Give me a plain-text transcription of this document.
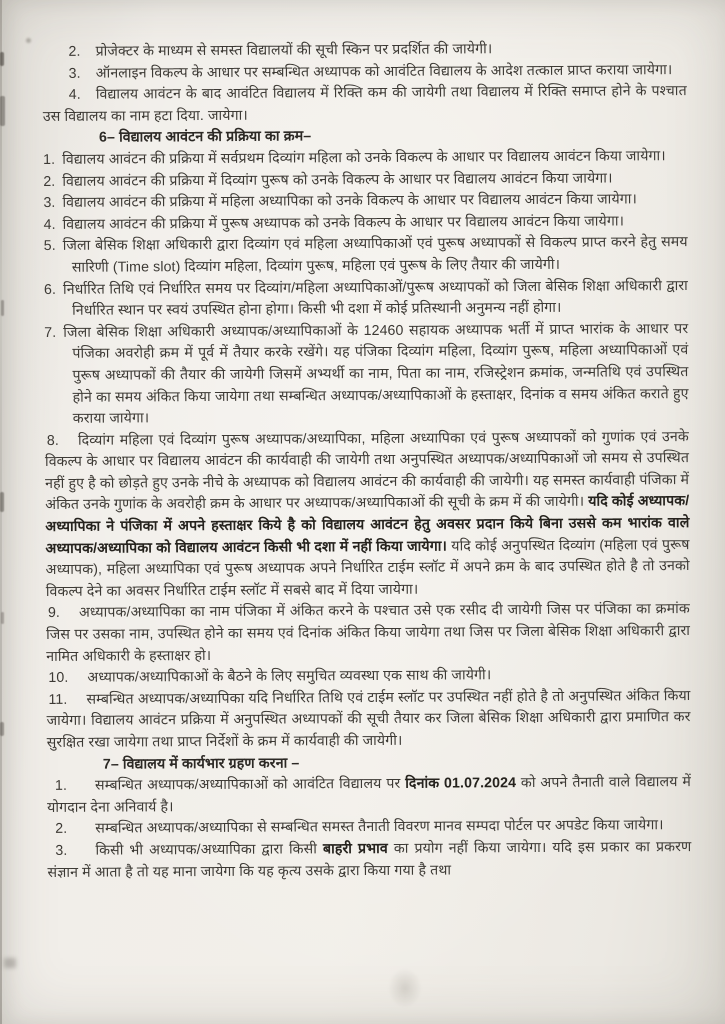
2. प्रोजेक्टर के माध्यम से समस्त विद्यालयों की सूची स्किन पर प्रदर्शित की जायेगी।
3. ऑनलाइन विकल्प के आधार पर सम्बन्धित अध्यापक को आवंटित विद्यालय के आदेश तत्काल प्राप्त कराया जायेगा।
4. विद्यालय आवंटन के बाद आवंटित विद्यालय में रिक्ति कम की जायेगी तथा विद्यालय में रिक्ति समाप्त होने के पश्चात उस विद्यालय का नाम हटा दिया. जायेगा।
6– विद्यालय आवंटन की प्रक्रिया का क्रम–
1. विद्यालय आवंटन की प्रक्रिया में सर्वप्रथम दिव्यांग महिला को उनके विकल्प के आधार पर विद्यालय आवंटन किया जायेगा।
2. विद्यालय आवंटन की प्रक्रिया में दिव्यांग पुरूष को उनके विकल्प के आधार पर विद्यालय आवंटन किया जायेगा।
3. विद्यालय आवंटन की प्रक्रिया में महिला अध्यापिका को उनके विकल्प के आधार पर विद्यालय आवंटन किया जायेगा।
4. विद्यालय आवंटन की प्रक्रिया में पुरूष अध्यापक को उनके विकल्प के आधार पर विद्यालय आवंटन किया जायेगा।
5. जिला बेसिक शिक्षा अधिकारी द्वारा दिव्यांग एवं महिला अध्यापिकाओं एवं पुरूष अध्यापकों से विकल्प प्राप्त करने हेतु समय सारिणी (Time slot) दिव्यांग महिला, दिव्यांग पुरूष, महिला एवं पुरूष के लिए तैयार की जायेगी।
6. निर्धारित तिथि एवं निर्धारित समय पर दिव्यांग/महिला अध्यापिकाओं/पुरूष अध्यापकों को जिला बेसिक शिक्षा अधिकारी द्वारा निर्धारित स्थान पर स्वयं उपस्थित होना होगा। किसी भी दशा में कोई प्रतिस्थानी अनुमन्य नहीं होगा।
7. जिला बेसिक शिक्षा अधिकारी अध्यापक/अध्यापिकाओं के 12460 सहायक अध्यापक भर्ती में प्राप्त भारांक के आधार पर पंजिका अवरोही क्रम में पूर्व में तैयार करके रखेंगे। यह पंजिका दिव्यांग महिला, दिव्यांग पुरूष, महिला अध्यापिकाओं एवं पुरूष अध्यापकों की तैयार की जायेगी जिसमें अभ्यर्थी का नाम, पिता का नाम, रजिस्ट्रेशन क्रमांक, जन्मतिथि एवं उपस्थित होने का समय अंकित किया जायेगा तथा सम्बन्धित अध्यापक/अध्यापिकाओं के हस्ताक्षर, दिनांक व समय अंकित कराते हुए कराया जायेगा।
8. दिव्यांग महिला एवं दिव्यांग पुरूष अध्यापक/अध्यापिका, महिला अध्यापिका एवं पुरूष अध्यापकों को गुणांक एवं उनके विकल्प के आधार पर विद्यालय आवंटन की कार्यवाही की जायेगी तथा अनुपस्थित अध्यापक/अध्यापिकाओं जो समय से उपस्थित नहीं हुए है को छोड़ते हुए उनके नीचे के अध्यापक को विद्यालय आवंटन की कार्यवाही की जायेगी। यह समस्त कार्यवाही पंजिका में अंकित उनके गुणांक के अवरोही क्रम के आधार पर अध्यापक/अध्यापिकाओं की सूची के क्रम में की जायेगी। यदि कोई अध्यापक/अध्यापिका ने पंजिका में अपने हस्ताक्षर किये है को विद्यालय आवंटन हेतु अवसर प्रदान किये बिना उससे कम भारांक वाले अध्यापक/अध्यापिका को विद्यालय आवंटन किसी भी दशा में नहीं किया जायेगा। यदि कोई अनुपस्थित दिव्यांग (महिला एवं पुरूष अध्यापक), महिला अध्यापिका एवं पुरूष अध्यापक अपने निर्धारित टाईम स्लॉट में अपने क्रम के बाद उपस्थित होते है तो उनको विकल्प देने का अवसर निर्धारित टाईम स्लॉट में सबसे बाद में दिया जायेगा।
9. अध्यापक/अध्यापिका का नाम पंजिका में अंकित करने के पश्चात उसे एक रसीद दी जायेगी जिस पर पंजिका का क्रमांक जिस पर उसका नाम, उपस्थित होने का समय एवं दिनांक अंकित किया जायेगा तथा जिस पर जिला बेसिक शिक्षा अधिकारी द्वारा नामित अधिकारी के हस्ताक्षर हो।
10. अध्यापक/अध्यापिकाओं के बैठने के लिए समुचित व्यवस्था एक साथ की जायेगी।
11. सम्बन्धित अध्यापक/अध्यापिका यदि निर्धारित तिथि एवं टाईम स्लॉट पर उपस्थित नहीं होते है तो अनुपस्थित अंकित किया जायेगा। विद्यालय आवंटन प्रक्रिया में अनुपस्थित अध्यापकों की सूची तैयार कर जिला बेसिक शिक्षा अधिकारी द्वारा प्रमाणित कर सुरक्षित रखा जायेगा तथा प्राप्त निर्देशों के क्रम में कार्यवाही की जायेगी।
7– विद्यालय में कार्यभार ग्रहण करना –
1. सम्बन्धित अध्यापक/अध्यापिकाओं को आवंटित विद्यालय पर दिनांक 01.07.2024 को अपने तैनाती वाले विद्यालय में योगदान देना अनिवार्य है।
2. सम्बन्धित अध्यापक/अध्यापिका से सम्बन्धित समस्त तैनाती विवरण मानव सम्पदा पोर्टल पर अपडेट किया जायेगा।
3. किसी भी अध्यापक/अध्यापिका द्वारा किसी बाहरी प्रभाव का प्रयोग नहीं किया जायेगा। यदि इस प्रकार का प्रकरण संज्ञान में आता है तो यह माना जायेगा कि यह कृत्य उसके द्वारा किया गया है तथा
